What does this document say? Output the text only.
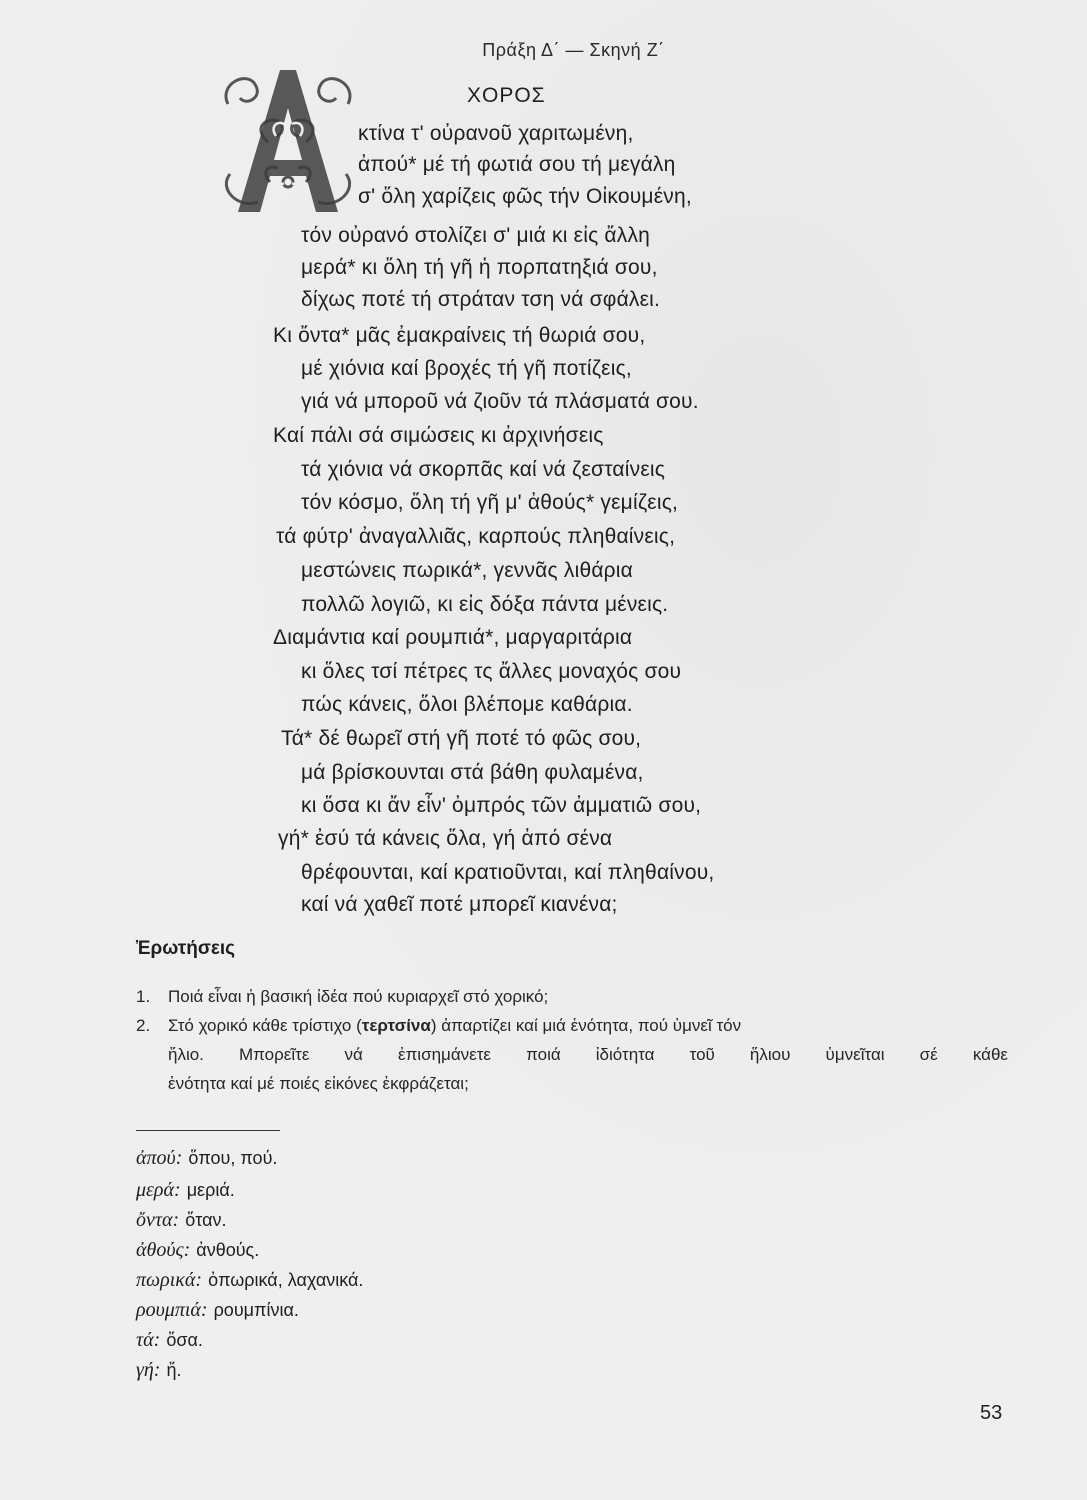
Πράξη Δ΄ — Σκηνή Ζ΄
ΧΟΡΟΣ
κτίνα τ' οὐρανοῦ χαριτωμένη,
ἀπού* μέ τή φωτιά σου τή μεγάλη
σ' ὅλη χαρίζεις φῶς τήν Οἰκουμένη,
τόν οὐρανό στολίζει σ' μιά κι εἰς ἄλλη
μερά* κι ὅλη τή γῆ ἡ πορπατηξιά σου,
δίχως ποτέ τή στράταν τση νά σφάλει.
Κι ὄντα* μᾶς ἐμακραίνεις τή θωριά σου,
μέ χιόνια καί βροχές τή γῆ ποτίζεις,
γιά νά μποροῦ νά ζιοῦν τά πλάσματά σου.
Καί πάλι σά σιμώσεις κι ἀρχινήσεις
τά χιόνια νά σκορπᾶς καί νά ζεσταίνεις
τόν κόσμο, ὅλη τή γῆ μ' ἀθούς* γεμίζεις,
τά φύτρ' ἀναγαλλιᾶς, καρπούς πληθαίνεις,
μεστώνεις πωρικά*, γεννᾶς λιθάρια
πολλῶ λογιῶ, κι εἰς δόξα πάντα μένεις.
Διαμάντια καί ρουμπιά*, μαργαριτάρια
κι ὅλες τσί πέτρες τς ἄλλες μοναχός σου
πώς κάνεις, ὅλοι βλέπομε καθάρια.
Τά* δέ θωρεῖ στή γῆ ποτέ τό φῶς σου,
μά βρίσκουνται στά βάθη φυλαμένα,
κι ὅσα κι ἄν εἶν' ὀμπρός τῶν ἀμματιῶ σου,
γή* ἐσύ τά κάνεις ὅλα, γή ἀπό σένα
θρέφουνται, καί κρατιοῦνται, καί πληθαίνου,
καί νά χαθεῖ ποτέ μπορεῖ κιανένα;
Ἐρωτήσεις
1. Ποιά εἶναι ἡ βασική ἰδέα πού κυριαρχεῖ στό χορικό;
2. Στό χορικό κάθε τρίστιχο (τερτσίνα) ἀπαρτίζει καί μιά ἑνότητα, πού ὑμνεῖ τόν
ἥλιο. Μπορεῖτε νά ἐπισημάνετε ποιά ἰδιότητα τοῦ ἥλιου ὑμνεῖται σέ κάθε
ἑνότητα καί μέ ποιές εἰκόνες ἐκφράζεται;
ἀπού: ὅπου, πού.
μερά: μεριά.
ὄντα: ὅταν.
ἀθούς: ἀνθούς.
πωρικά: ὀπωρικά, λαχανικά.
ρουμπιά: ρουμπίνια.
τά: ὅσα.
γή: ἤ.
53
